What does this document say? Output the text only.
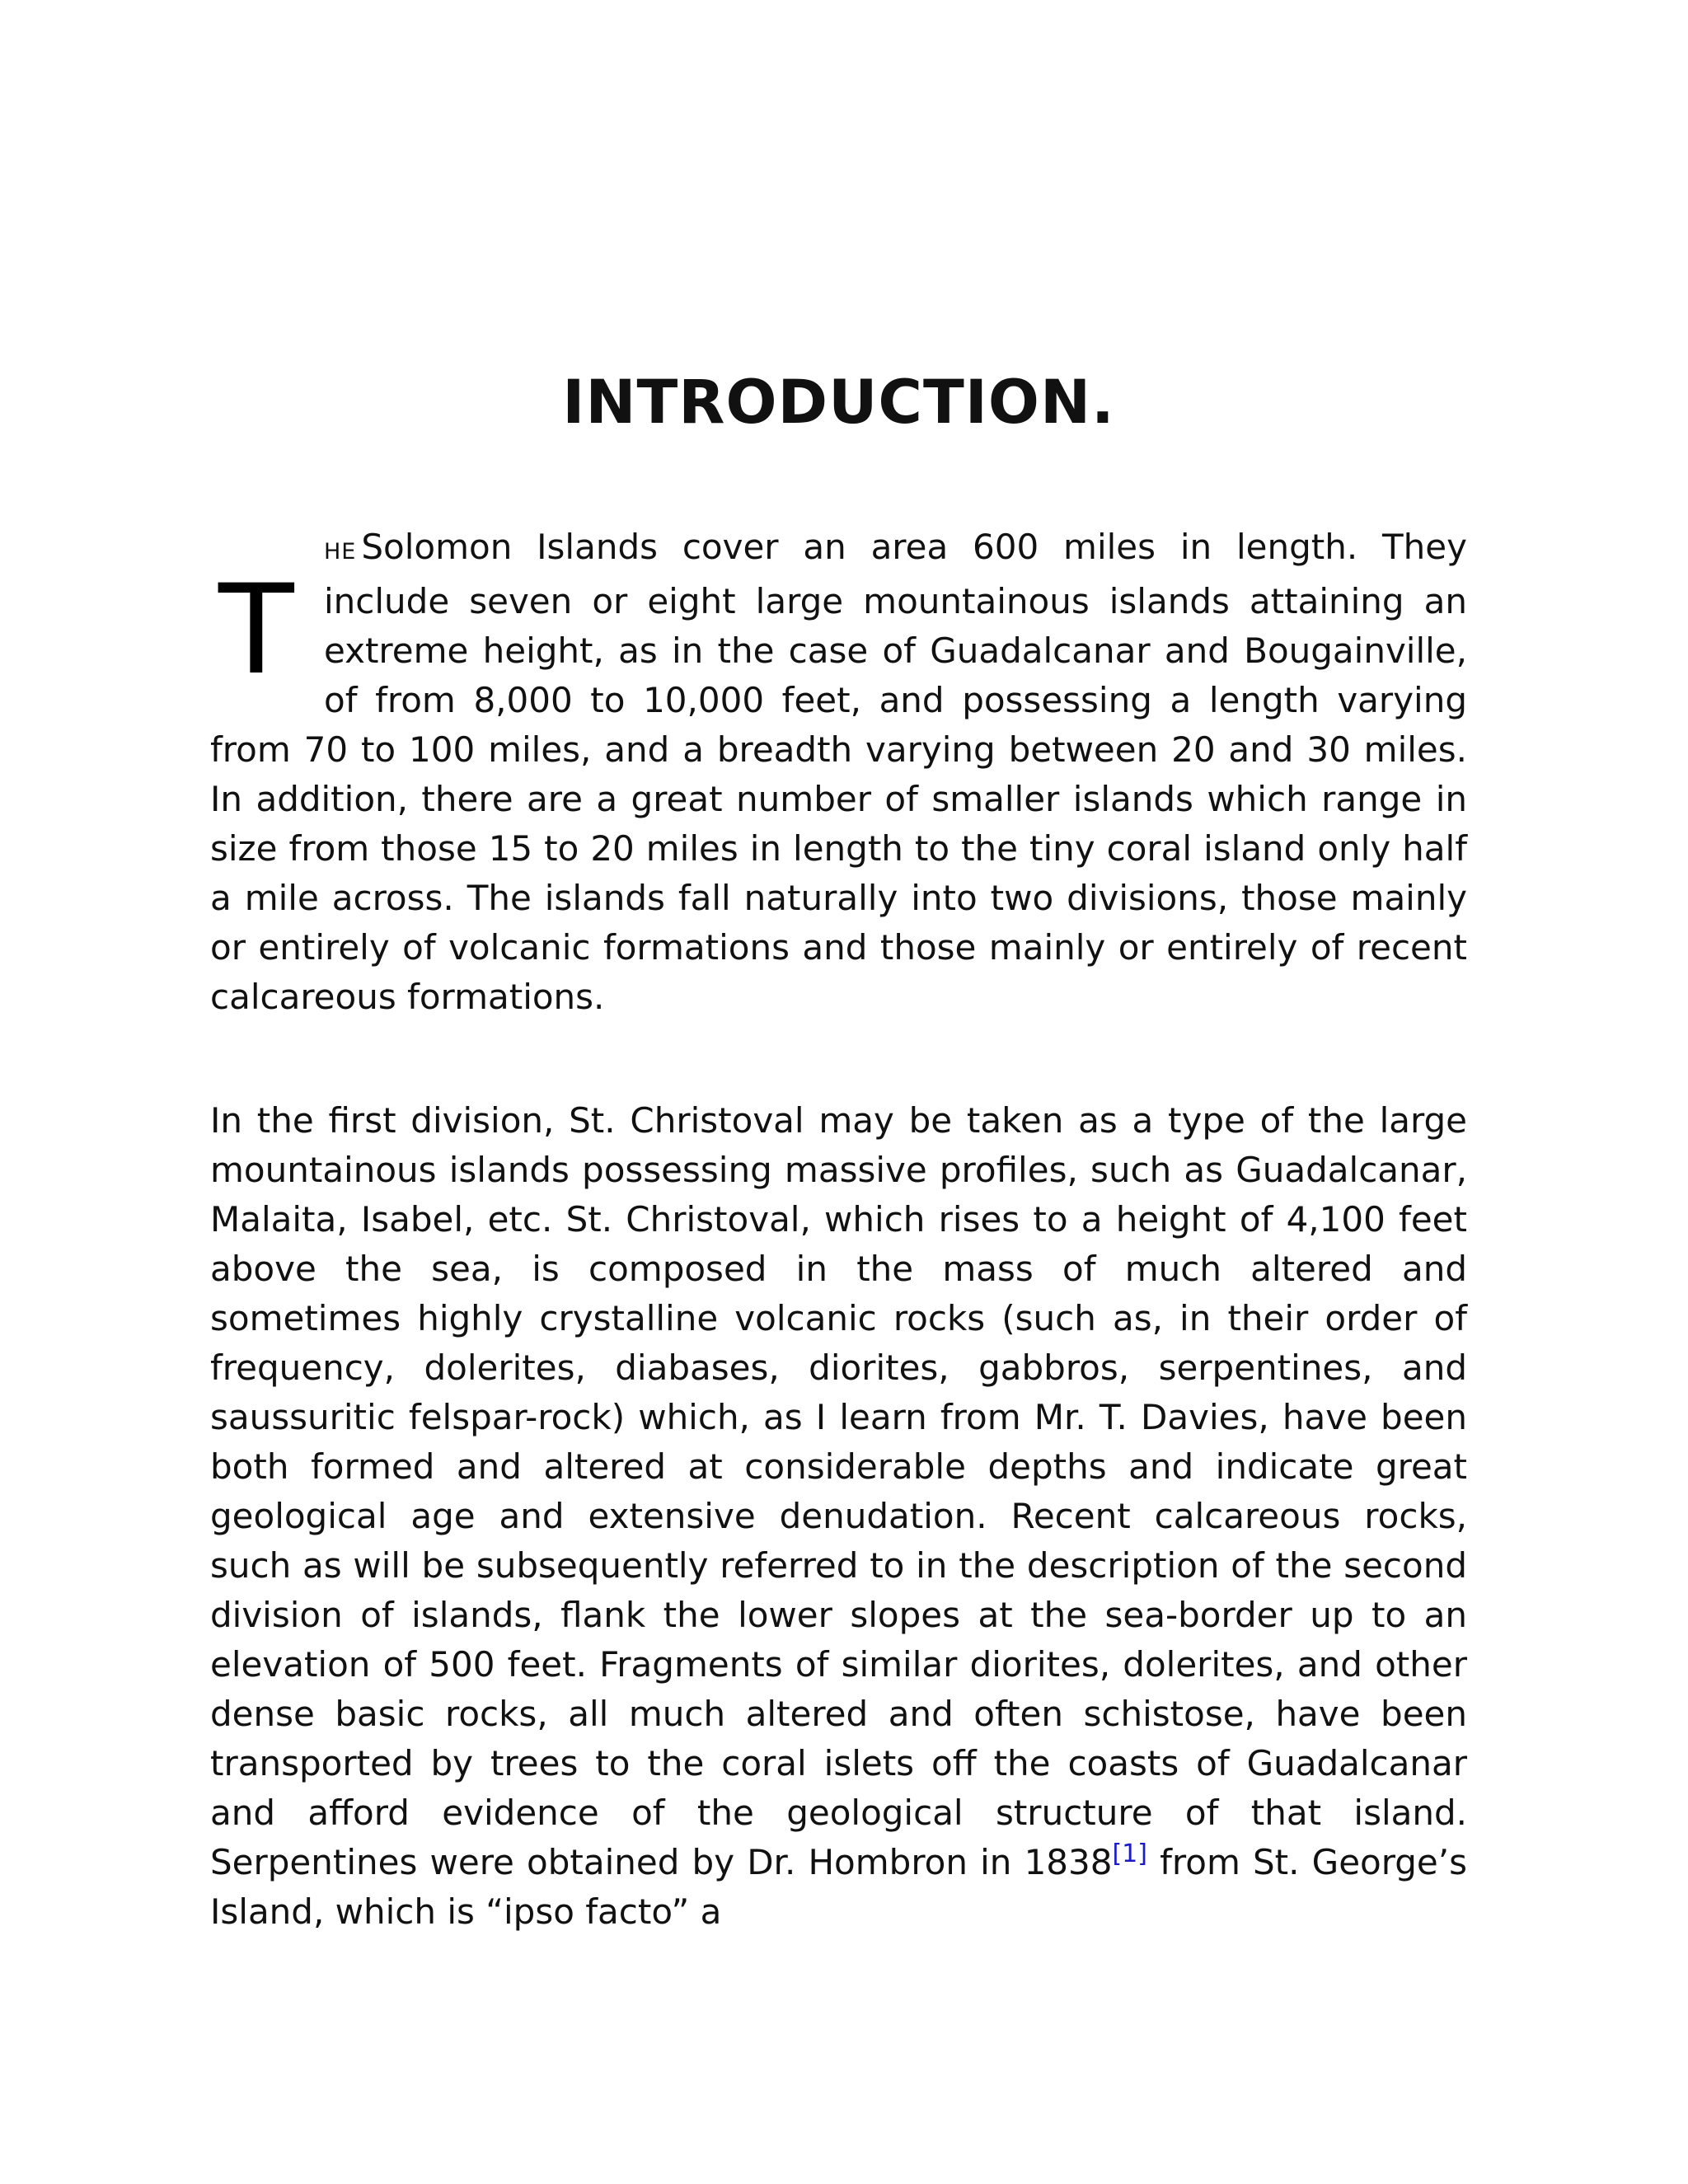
INTRODUCTION.

T
HE Solomon Islands cover an area 600 miles in length. They include seven or eight large mountainous islands attaining an extreme height, as in the case of Guadalcanar and Bougainville, of from 8,000 to 10,000 feet, and possessing a length varying from 70 to 100 miles, and a breadth varying between 20 and 30 miles. In addition, there are a great number of smaller islands which range in size from those 15 to 20 miles in length to the tiny coral island only half a mile across. The islands fall naturally into two divisions, those mainly or entirely of volcanic formations and those mainly or entirely of recent calcareous formations.

In the first division, St. Christoval may be taken as a type of the large mountainous islands possessing massive profiles, such as Guadalcanar, Malaita, Isabel, etc. St. Christoval, which rises to a height of 4,100 feet above the sea, is composed in the mass of much altered and sometimes highly crystalline volcanic rocks (such as, in their order of frequency, dolerites, diabases, diorites, gabbros, serpentines, and saussuritic felspar-rock) which, as I learn from Mr. T. Davies, have been both formed and altered at considerable depths and indicate great geological age and extensive denudation. Recent calcareous rocks, such as will be subsequently referred to in the description of the second division of islands, flank the lower slopes at the sea-border up to an elevation of 500 feet. Fragments of similar diorites, dolerites, and other dense basic rocks, all much altered and often schistose, have been transported by trees to the coral islets off the coasts of Guadalcanar and afford evidence of the geological structure of that island. Serpentines were obtained by Dr. Hombron in 1838[1] from St. George’s Island, which is “ipso facto” a
